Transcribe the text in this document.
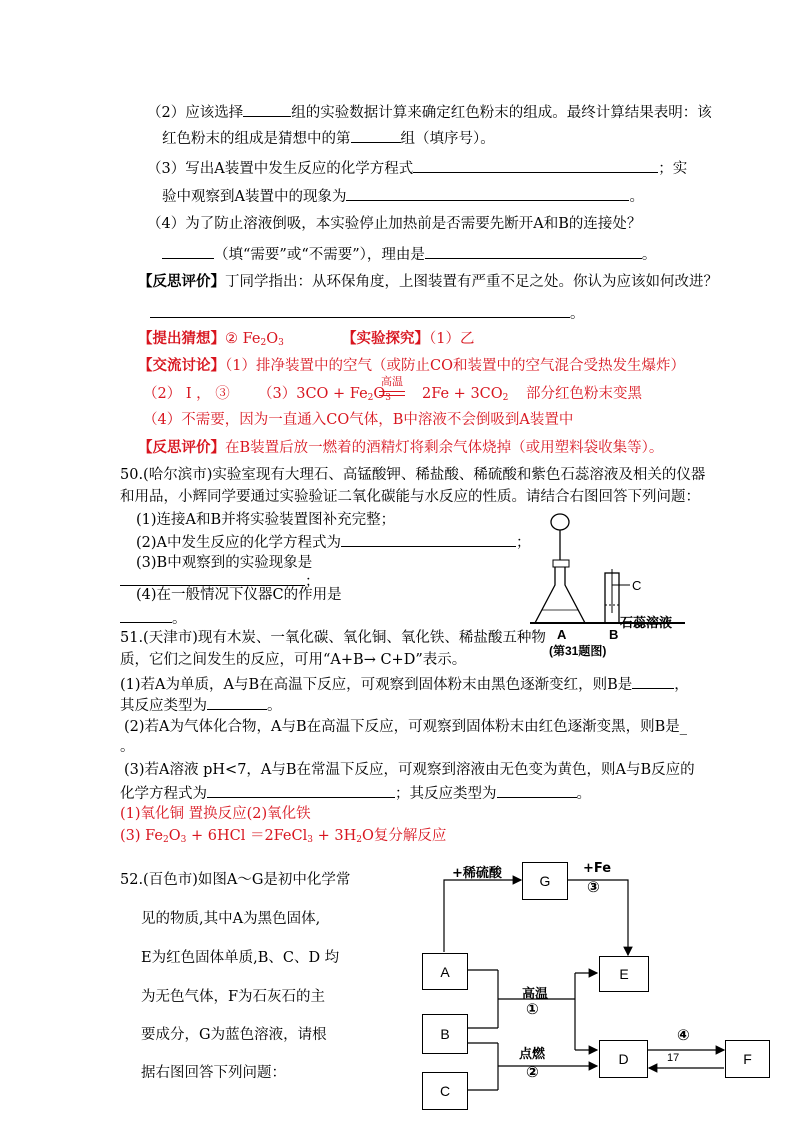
（2）应该选择	组的实验数据计算来确定红色粉末的组成。最终计算结果表明：该
红色粉末的组成是猜想中的第	组（填序号）。
（3）写出A装置中发生反应的化学方程式	；实
验中观察到A装置中的现象为	。
（4）为了防止溶液倒吸，本实验停止加热前是否需要先断开A和B的连接处？
（填“需要”或“不需要”），理由是	。
【反思评价】丁同学指出：从环保角度，上图装置有严重不足之处。你认为应该如何改进？
。
【提出猜想】② $Fe_2O_3$	【实验探究】（1）乙
【交流讨论】（1）排净装置中的空气（或防止CO和装置中的空气混合受热发生爆炸）
（2） Ⅰ ， ③ $(3)3CO + Fe_2O_3$
高温
$2Fe + 3CO_2$ 部分红色粉末变黑
（4）不需要，因为一直通入CO气体，B中溶液不会倒吸到A装置中
【反思评价】在B装置后放一燃着的酒精灯将剩余气体烧掉（或用塑料袋收集等）。
50.(哈尔滨市)实验室现有大理石、高锰酸钾、稀盐酸、稀硫酸和紫色石蕊溶液及相关的仪器
和用品，小辉同学要通过实验验证二氧化碳能与水反应的性质。请结合右图回答下列问题：
(1)连接A和B并将实验装置图补充完整；
(2)A中发生反应的化学方程式为	；
(3)B中观察到的实验现象是
；
(4)在一般情况下仪器C的作用是
。
C
石蕊溶液
A	B
(第31题图)
51.(天津市)现有木炭、一氧化碳、氧化铜、氧化铁、稀盐酸五种物
质，它们之间发生的反应，可用“A+B→ C+D”表示。
(1)若A为单质，A与B在高温下反应，可观察到固体粉末由黑色逐渐变红，则B是	，
其反应类型为	。
(2)若A为气体化合物，A与B在高温下反应，可观察到固体粉末由红色逐渐变黑，则B是_
。
(3)若A溶液 pH<7，A与B在常温下反应，可观察到溶液由无色变为黄色，则A与B反应的
化学方程式为	；其反应类型为	。
(1)氧化铜 置换反应(2)氧化铁
(3) $Fe_2O_3 + 6HCl$ ＝2FeCl$_3$ + $3H_2O$复分解反应
52.(百色市)如图A～G是初中化学常
见的物质,其中A为黑色固体,
E为红色固体单质,B、C、D 均
为无色气体，F为石灰石的主
要成分，G为蓝色溶液，请根
据右图回答下列问题：
A
B
C
G
E
D	F
+稀硫酸	+Fe
③
高温
①
点燃
②
④
17
